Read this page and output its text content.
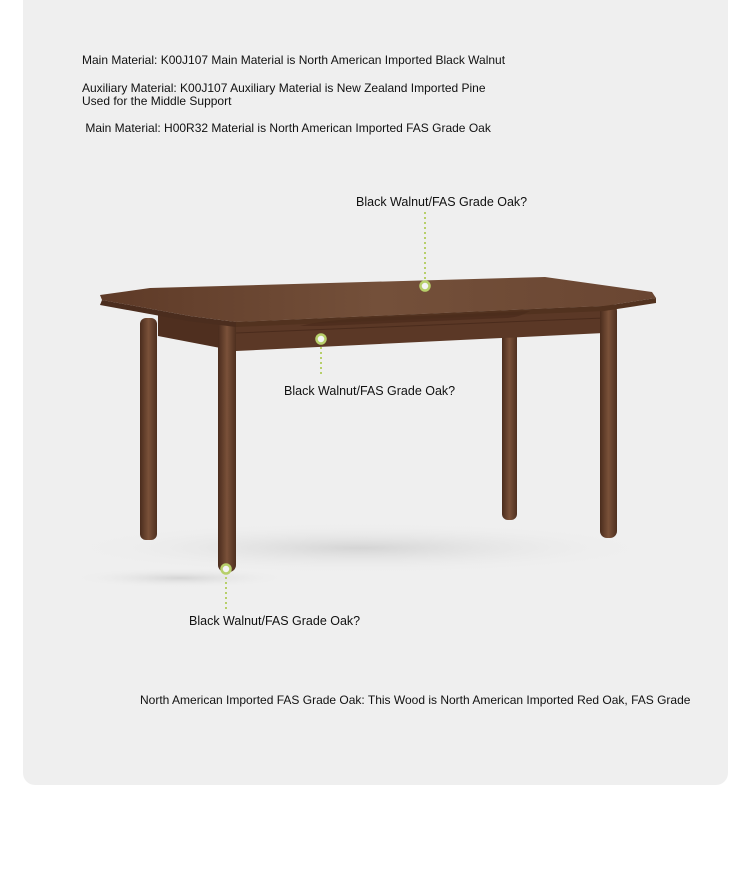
Main Material: K00J107 Main Material is North American Imported Black Walnut

Auxiliary Material: K00J107 Auxiliary Material is New Zealand Imported Pine

Used for the Middle Support

Main Material: H00R32 Material is North American Imported FAS Grade Oak

Black Walnut/FAS Grade Oak?
Black Walnut/FAS Grade Oak?
Black Walnut/FAS Grade Oak?

North American Imported FAS Grade Oak: This Wood is North American Imported Red Oak, FAS Grade
